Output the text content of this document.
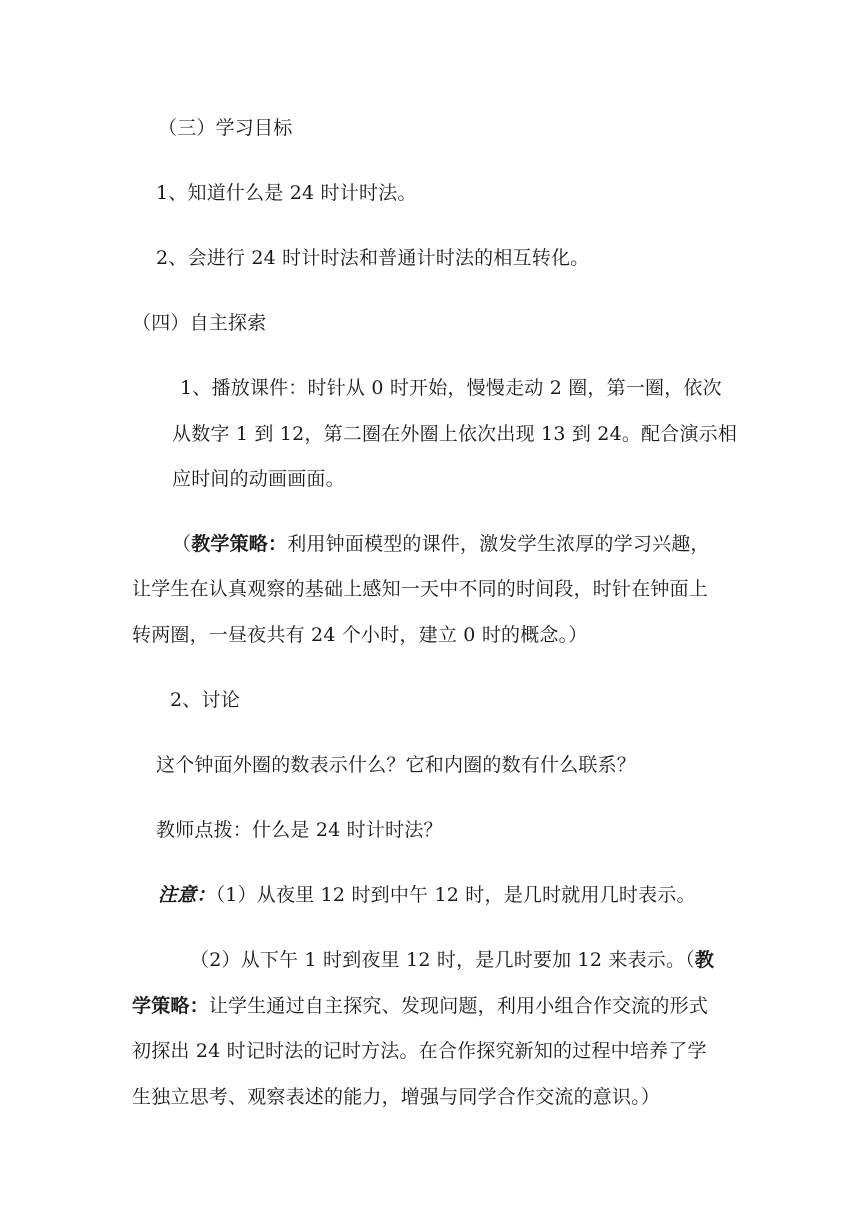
（三）学习目标
1、知道什么是 24 时计时法。
2、会进行 24 时计时法和普通计时法的相互转化。
（四）自主探索
1、播放课件：时针从 0 时开始，慢慢走动 2 圈，第一圈，依次
从数字 1 到 12，第二圈在外圈上依次出现 13 到 24。配合演示相
应时间的动画画面。
（教学策略：利用钟面模型的课件，激发学生浓厚的学习兴趣，
让学生在认真观察的基础上感知一天中不同的时间段，时针在钟面上
转两圈，一昼夜共有 24 个小时，建立 0 时的概念。）
2、讨论
这个钟面外圈的数表示什么？它和内圈的数有什么联系？
教师点拨：什么是 24 时计时法？
注意：（1）从夜里 12 时到中午 12 时，是几时就用几时表示。
（2）从下午 1 时到夜里 12 时，是几时要加 12 来表示。（教
学策略：让学生通过自主探究、发现问题，利用小组合作交流的形式
初探出 24 时记时法的记时方法。在合作探究新知的过程中培养了学
生独立思考、观察表述的能力，增强与同学合作交流的意识。）
